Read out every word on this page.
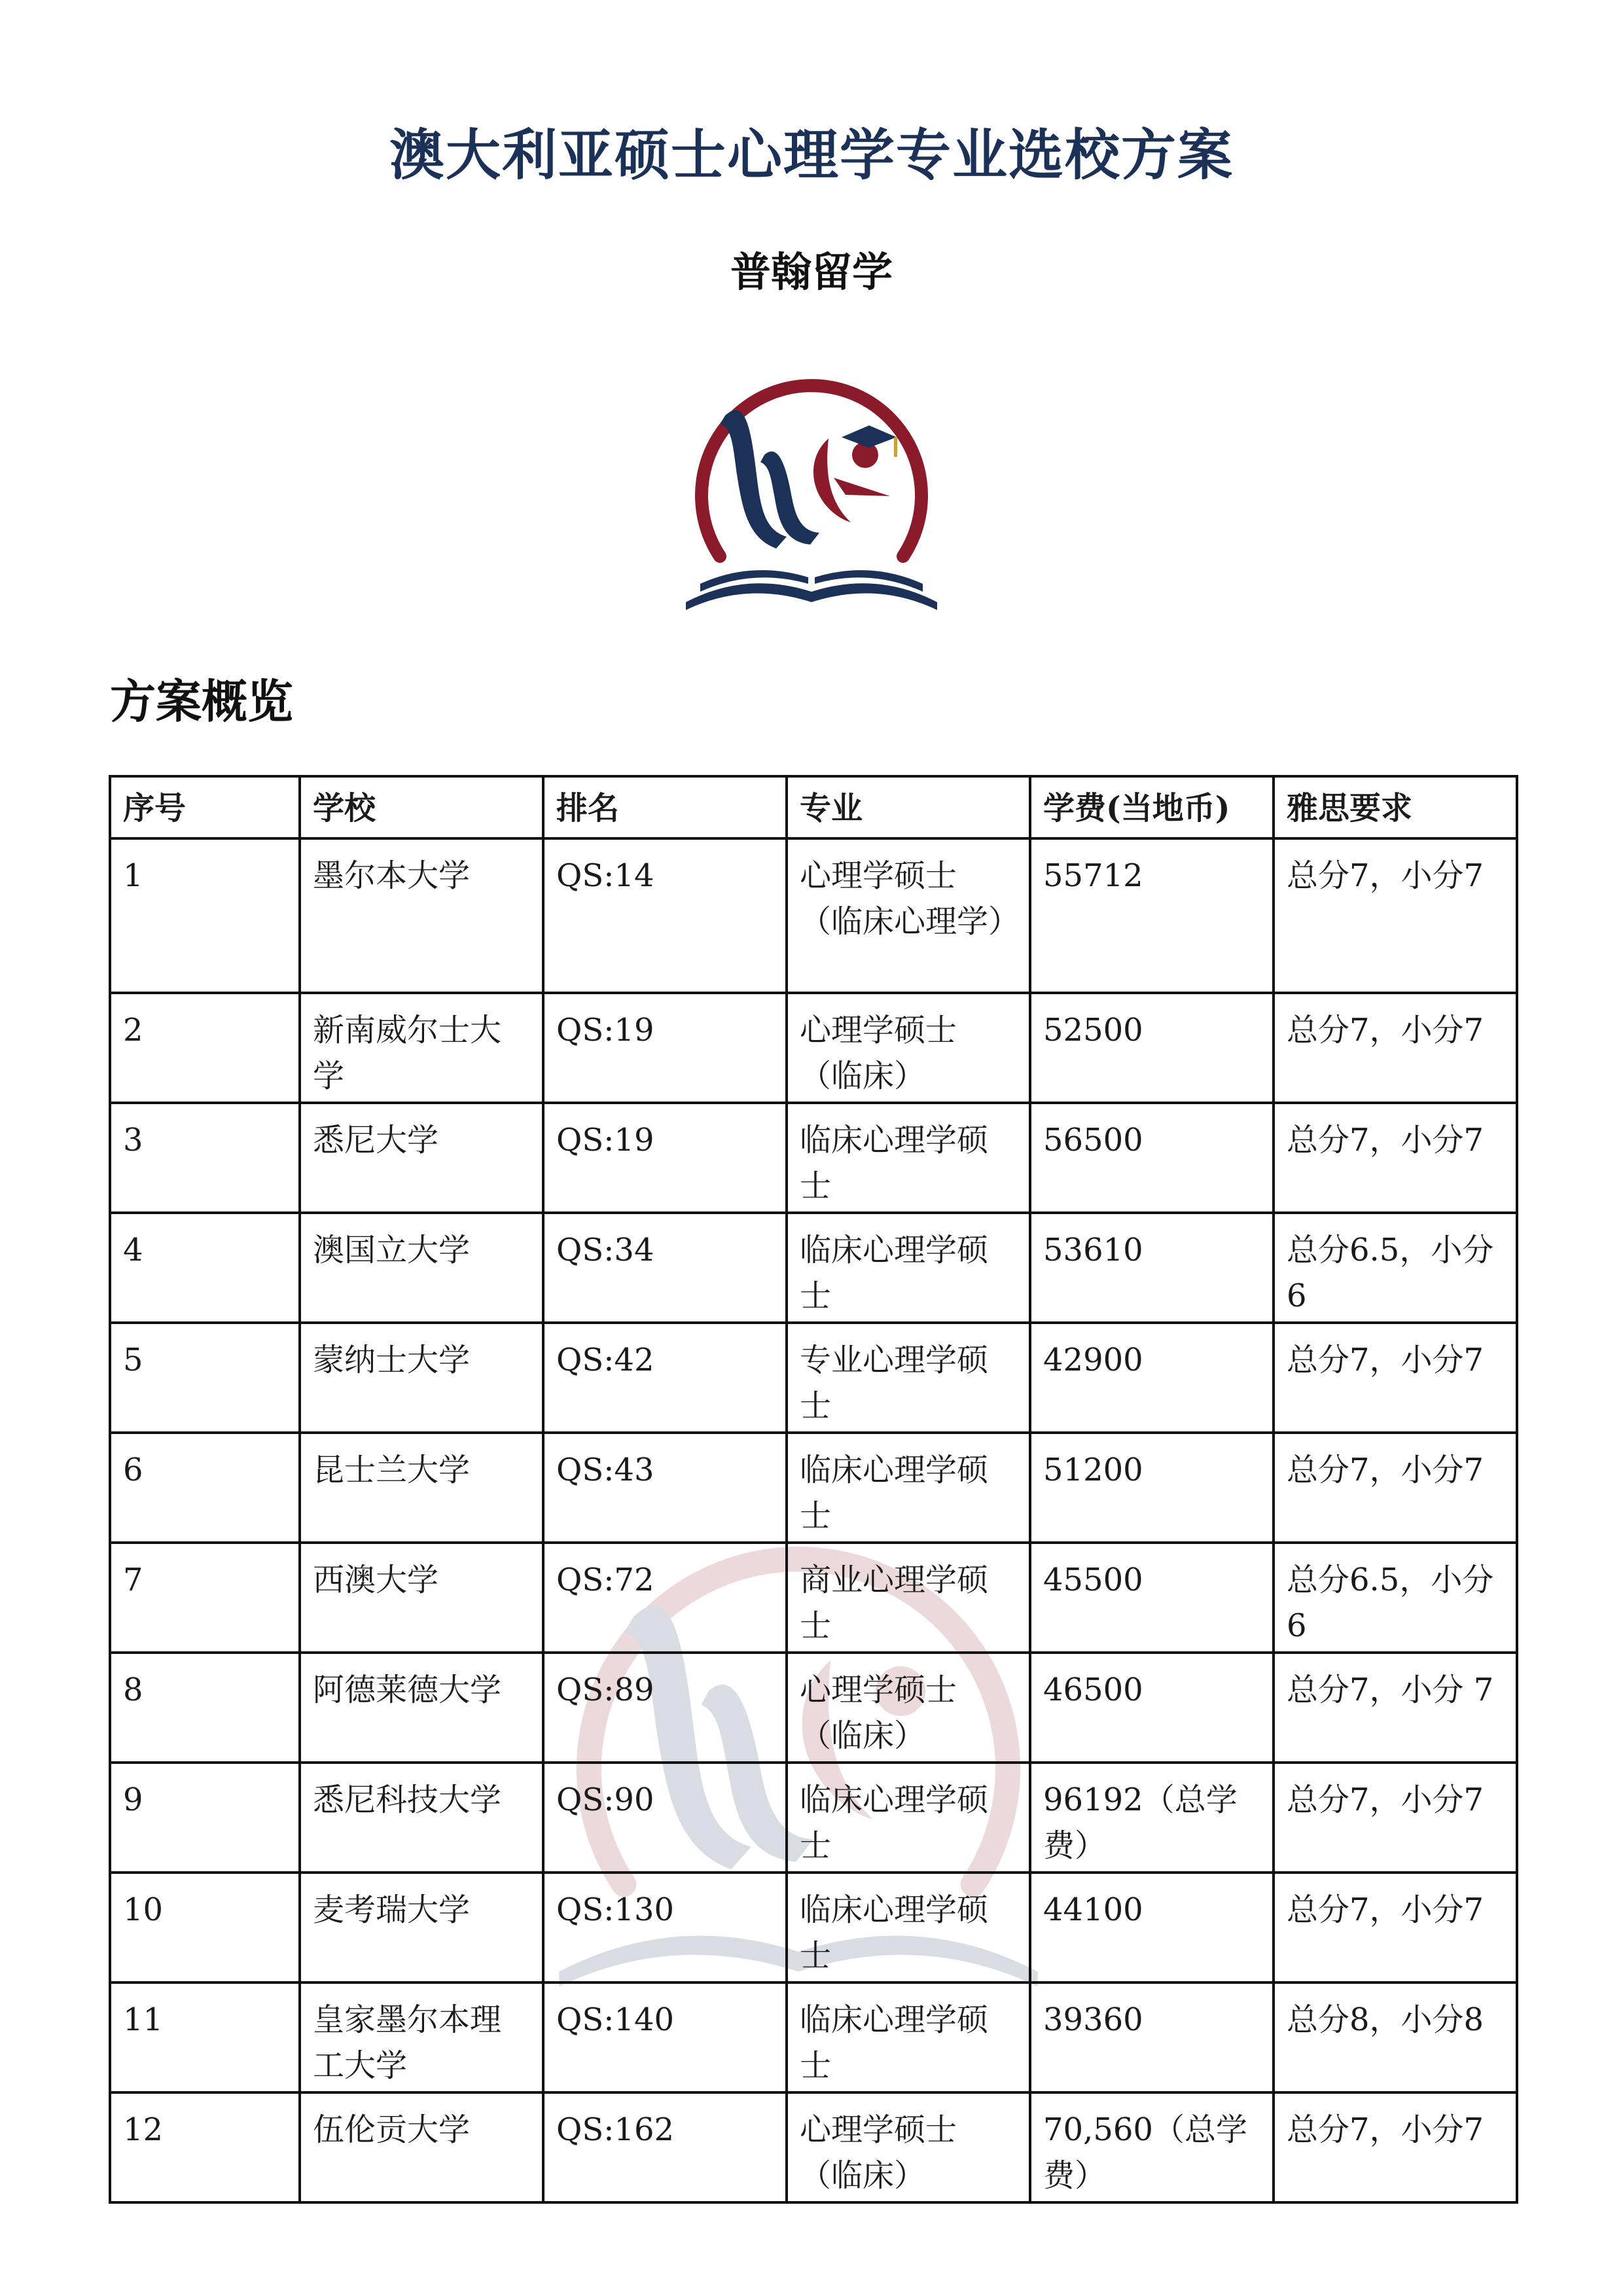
澳大利亚硕士心理学专业选校方案
普翰留学
方案概览
序号	学校	排名	专业	学费(当地币)	雅思要求
1	墨尔本大学	QS:14	心理学硕士（临床心理学）	55712	总分7，小分7
2	新南威尔士大学	QS:19	心理学硕士（临床）	52500	总分7，小分7
3	悉尼大学	QS:19	临床心理学硕士	56500	总分7，小分7
4	澳国立大学	QS:34	临床心理学硕士	53610	总分6.5，小分6
5	蒙纳士大学	QS:42	专业心理学硕士	42900	总分7，小分7
6	昆士兰大学	QS:43	临床心理学硕士	51200	总分7，小分7
7	西澳大学	QS:72	商业心理学硕士	45500	总分6.5，小分6
8	阿德莱德大学	QS:89	心理学硕士（临床）	46500	总分7，小分 7
9	悉尼科技大学	QS:90	临床心理学硕士	96192（总学费）	总分7，小分7
10	麦考瑞大学	QS:130	临床心理学硕士	44100	总分7，小分7
11	皇家墨尔本理工大学	QS:140	临床心理学硕士	39360	总分8，小分8
12	伍伦贡大学	QS:162	心理学硕士（临床）	70,560（总学费）	总分7，小分7
